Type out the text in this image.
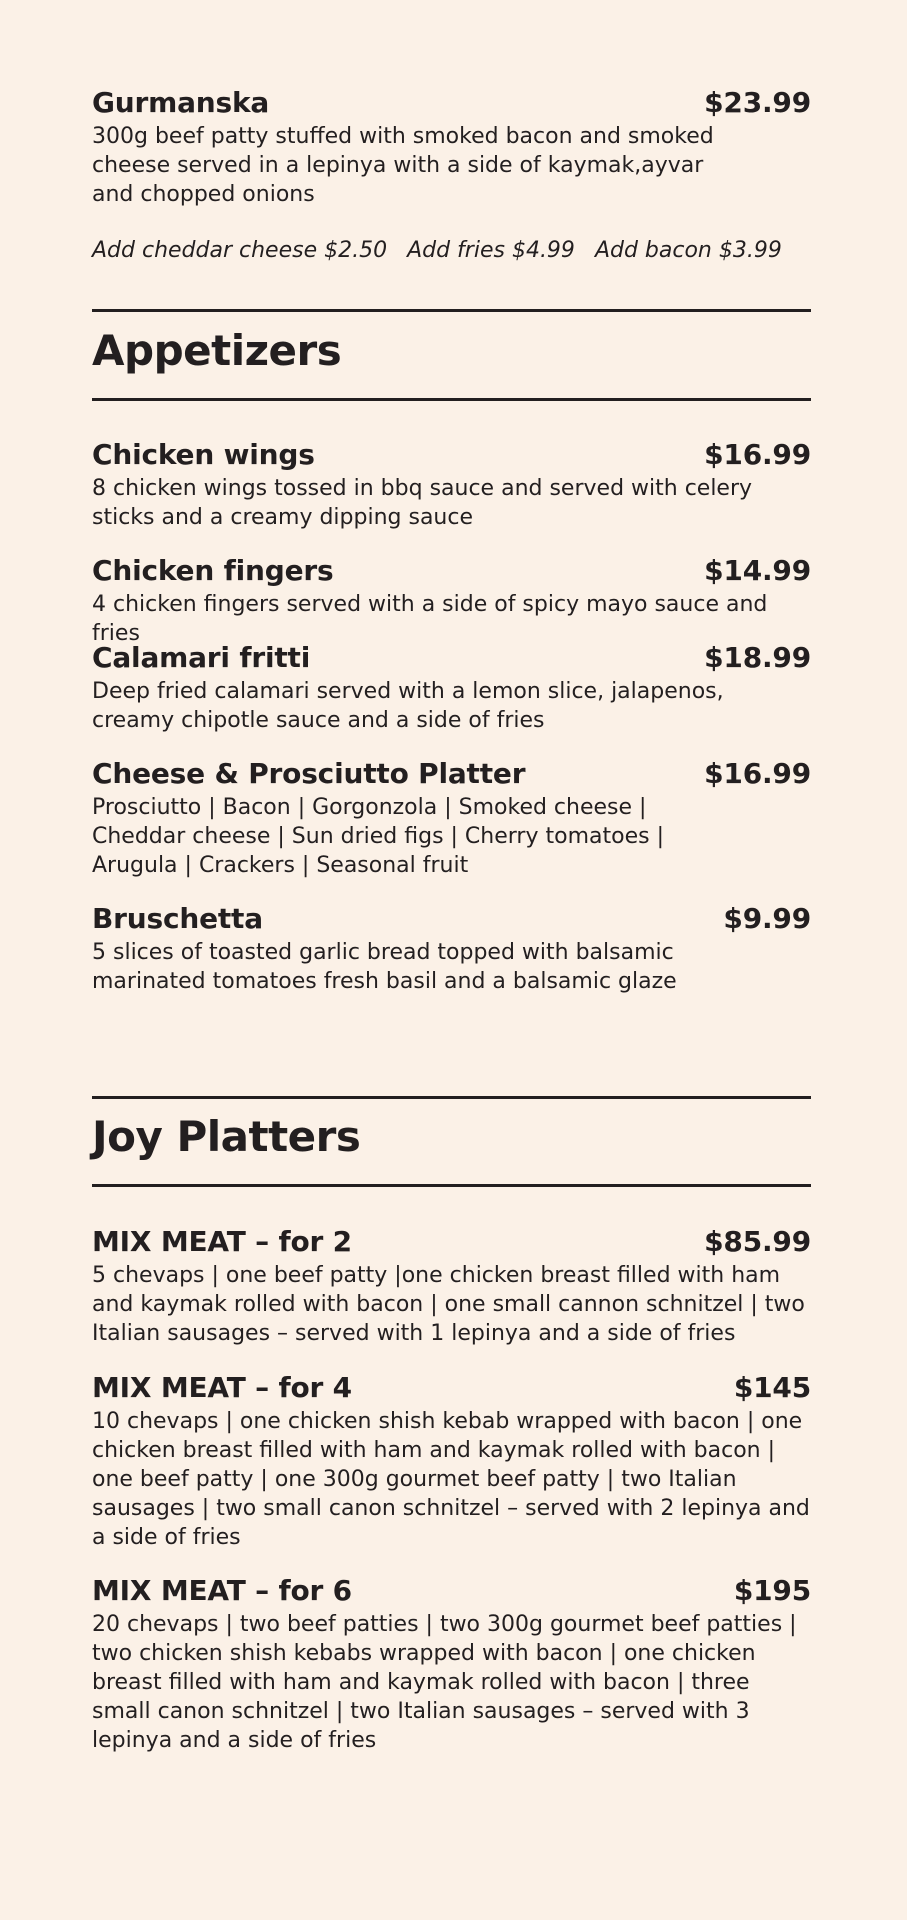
Gurmanska	$23.99
300g beef patty stuffed with smoked bacon and smoked cheese served in a lepinya with a side of kaymak,ayvar and chopped onions
Add cheddar cheese $2.50 Add fries $4.99 Add bacon $3.99
Appetizers
Chicken wings	$16.99
8 chicken wings tossed in bbq sauce and served with celery sticks and a creamy dipping sauce
Chicken fingers	$14.99
4 chicken fingers served with a side of spicy mayo sauce and fries
Calamari fritti	$18.99
Deep fried calamari served with a lemon slice, jalapenos, creamy chipotle sauce and a side of fries
Cheese & Prosciutto Platter	$16.99
Prosciutto | Bacon | Gorgonzola | Smoked cheese | Cheddar cheese | Sun dried figs | Cherry tomatoes | Arugula | Crackers | Seasonal fruit
Bruschetta	$9.99
5 slices of toasted garlic bread topped with balsamic marinated tomatoes fresh basil and a balsamic glaze
Joy Platters
MIX MEAT – for 2	$85.99
5 chevaps | one beef patty |one chicken breast filled with ham and kaymak rolled with bacon | one small cannon schnitzel | two Italian sausages – served with 1 lepinya and a side of fries
MIX MEAT – for 4	$145
10 chevaps | one chicken shish kebab wrapped with bacon | one chicken breast filled with ham and kaymak rolled with bacon | one beef patty | one 300g gourmet beef patty | two Italian sausages | two small canon schnitzel – served with 2 lepinya and a side of fries
MIX MEAT – for 6	$195
20 chevaps | two beef patties | two 300g gourmet beef patties | two chicken shish kebabs wrapped with bacon | one chicken breast filled with ham and kaymak rolled with bacon | three small canon schnitzel | two Italian sausages – served with 3 lepinya and a side of fries
